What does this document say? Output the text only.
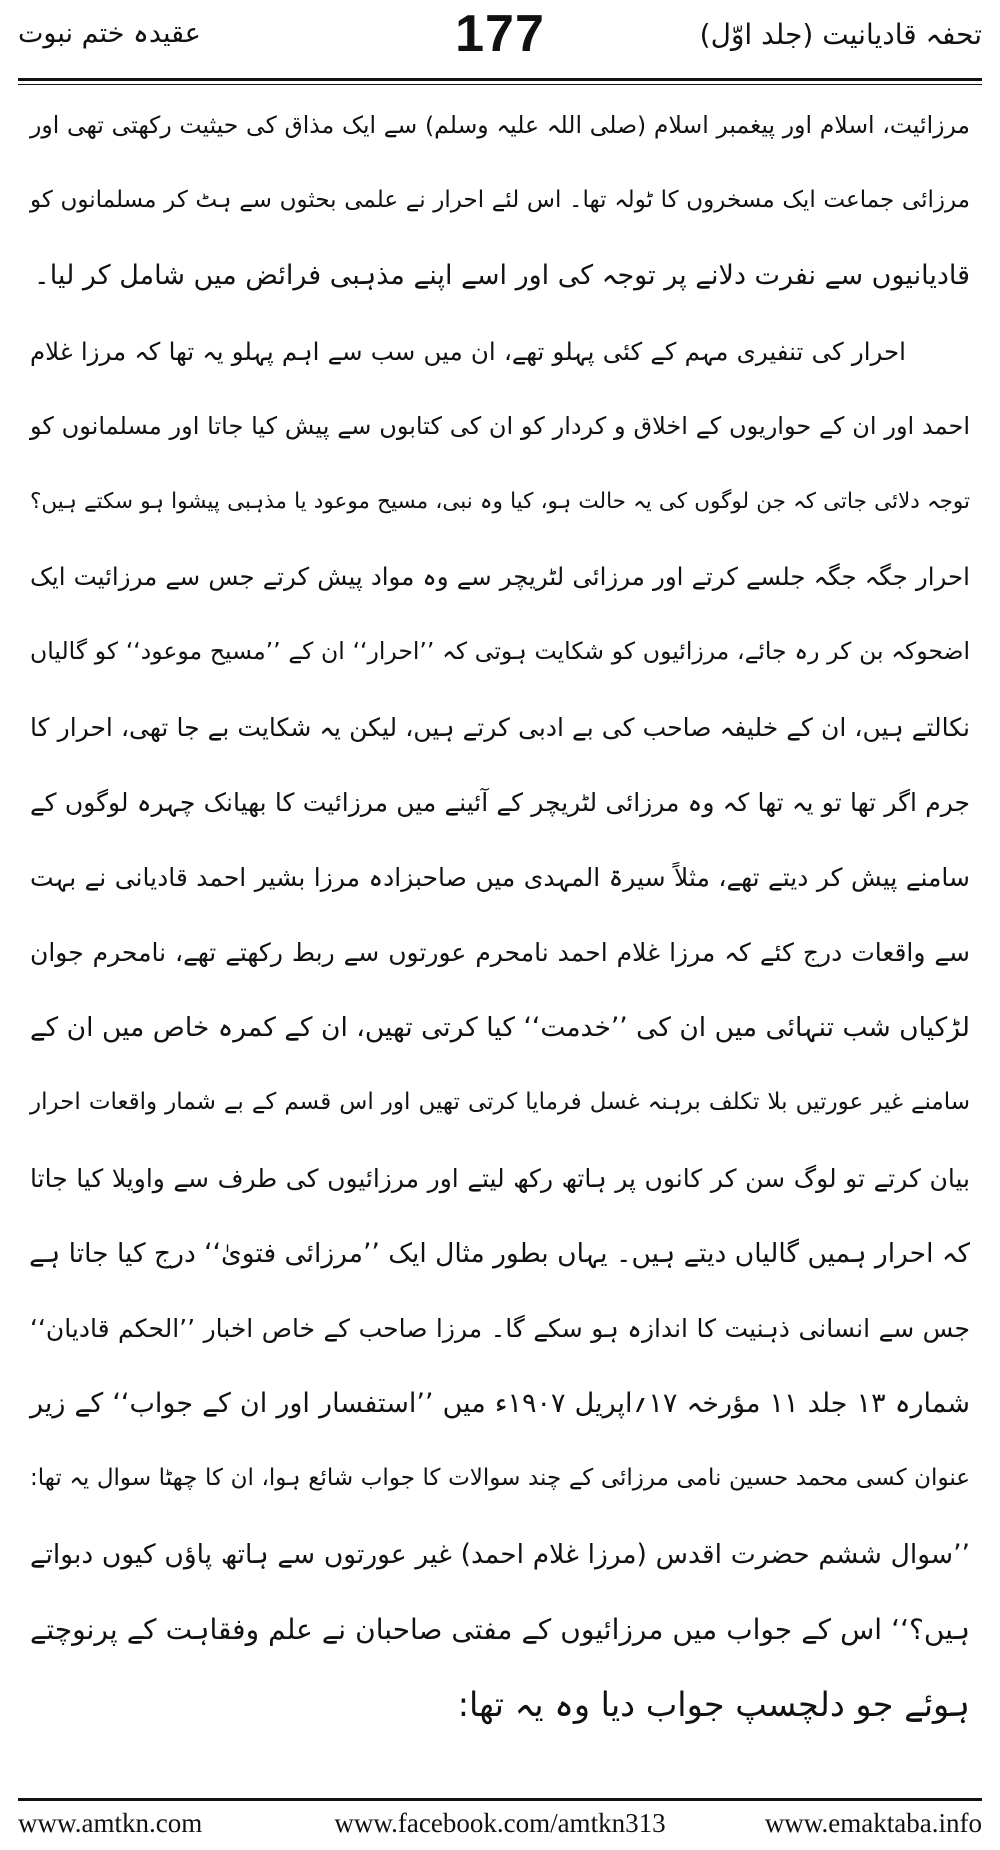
تحفہ قادیانیت (جلد اوّل)
177
عقیدہ ختم نبوت
مرزائیت، اسلام اور پیغمبر اسلام (صلی اللہ علیہ وسلم) سے ایک مذاق کی حیثیت رکھتی تھی اور
مرزائی جماعت ایک مسخروں کا ٹولہ تھا۔ اس لئے احرار نے علمی بحثوں سے ہٹ کر مسلمانوں کو
قادیانیوں سے نفرت دلانے پر توجہ کی اور اسے اپنے مذہبی فرائض میں شامل کر لیا۔
احرار کی تنفیری مہم کے کئی پہلو تھے، ان میں سب سے اہم پہلو یہ تھا کہ مرزا غلام
احمد اور ان کے حواریوں کے اخلاق و کردار کو ان کی کتابوں سے پیش کیا جاتا اور مسلمانوں کو
توجہ دلائی جاتی کہ جن لوگوں کی یہ حالت ہو، کیا وہ نبی، مسیح موعود یا مذہبی پیشوا ہو سکتے ہیں؟
احرار جگہ جگہ جلسے کرتے اور مرزائی لٹریچر سے وہ مواد پیش کرتے جس سے مرزائیت ایک
اضحوکہ بن کر رہ جائے، مرزائیوں کو شکایت ہوتی کہ ’’احرار‘‘ ان کے ’’مسیح موعود‘‘ کو گالیاں
نکالتے ہیں، ان کے خلیفہ صاحب کی بے ادبی کرتے ہیں، لیکن یہ شکایت بے جا تھی، احرار کا
جرم اگر تھا تو یہ تھا کہ وہ مرزائی لٹریچر کے آئینے میں مرزائیت کا بھیانک چہرہ لوگوں کے
سامنے پیش کر دیتے تھے، مثلاً سیرۃ المہدی میں صاحبزادہ مرزا بشیر احمد قادیانی نے بہت
سے واقعات درج کئے کہ مرزا غلام احمد نامحرم عورتوں سے ربط رکھتے تھے، نامحرم جوان
لڑکیاں شب تنہائی میں ان کی ’’خدمت‘‘ کیا کرتی تھیں، ان کے کمرہ خاص میں ان کے
سامنے غیر عورتیں بلا تکلف برہنہ غسل فرمایا کرتی تھیں اور اس قسم کے بے شمار واقعات احرار
بیان کرتے تو لوگ سن کر کانوں پر ہاتھ رکھ لیتے اور مرزائیوں کی طرف سے واویلا کیا جاتا
کہ احرار ہمیں گالیاں دیتے ہیں۔ یہاں بطور مثال ایک ’’مرزائی فتویٰ‘‘ درج کیا جاتا ہے
جس سے انسانی ذہنیت کا اندازہ ہو سکے گا۔ مرزا صاحب کے خاص اخبار ’’الحکم قادیان‘‘
شمارہ ۱۳ جلد ۱۱ مؤرخہ ۱۷؍اپریل ۱۹۰۷ء میں ’’استفسار اور ان کے جواب‘‘ کے زیر
عنوان کسی محمد حسین نامی مرزائی کے چند سوالات کا جواب شائع ہوا، ان کا چھٹا سوال یہ تھا:
’’سوال ششم حضرت اقدس (مرزا غلام احمد) غیر عورتوں سے ہاتھ پاؤں کیوں دبواتے
ہیں؟‘‘ اس کے جواب میں مرزائیوں کے مفتی صاحبان نے علم وفقاہت کے پرنوچتے
ہوئے جو دلچسپ جواب دیا وہ یہ تھا:
www.amtkn.com	www.facebook.com/amtkn313	www.emaktaba.info
